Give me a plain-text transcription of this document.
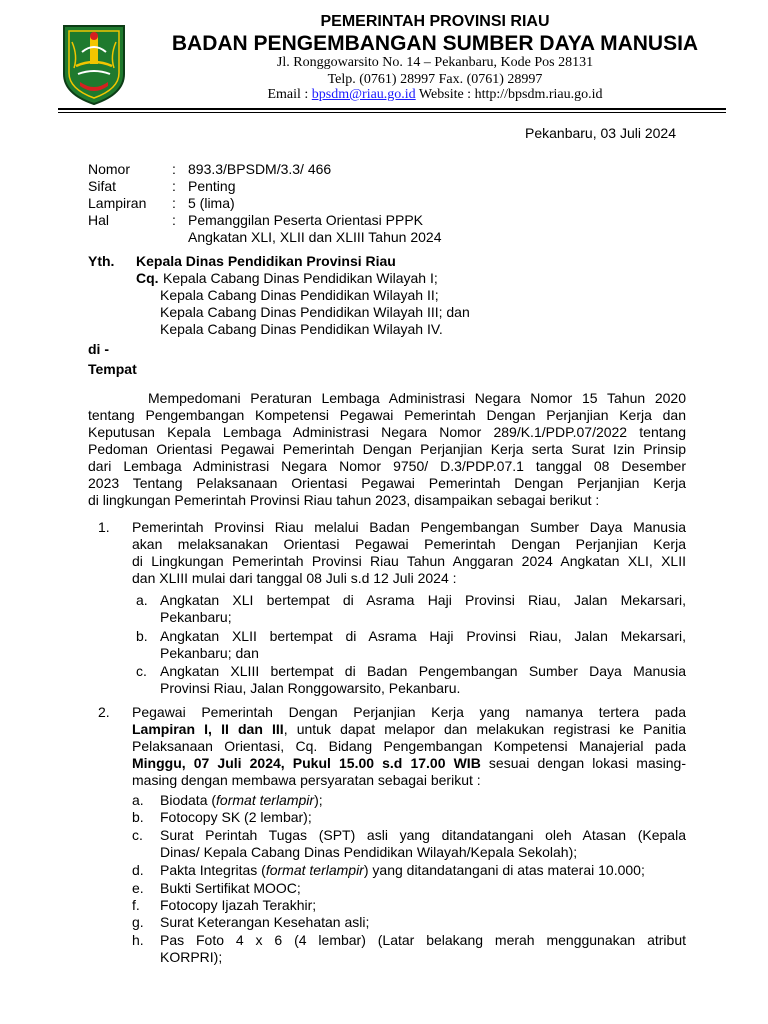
PEMERINTAH PROVINSI RIAU
BADAN PENGEMBANGAN SUMBER DAYA MANUSIA
Jl. Ronggowarsito No. 14 – Pekanbaru, Kode Pos 28131
Telp. (0761) 28997 Fax. (0761) 28997
Email : bpsdm@riau.go.id Website : http://bpsdm.riau.go.id
Pekanbaru, 03 Juli 2024
Nomor	: 893.3/BPSDM/3.3/ 466
Sifat	: Penting
Lampiran : 5 (lima)
Hal	: Pemanggilan Peserta Orientasi PPPK
Angkatan XLI, XLII dan XLIII Tahun 2024
Yth. Kepala Dinas Pendidikan Provinsi Riau
Cq. Kepala Cabang Dinas Pendidikan Wilayah I;
Kepala Cabang Dinas Pendidikan Wilayah II;
Kepala Cabang Dinas Pendidikan Wilayah III; dan
Kepala Cabang Dinas Pendidikan Wilayah IV.
di -
Tempat
Mempedomani Peraturan Lembaga Administrasi Negara Nomor 15 Tahun 2020
tentang Pengembangan Kompetensi Pegawai Pemerintah Dengan Perjanjian Kerja dan
Keputusan Kepala Lembaga Administrasi Negara Nomor 289/K.1/PDP.07/2022 tentang
Pedoman Orientasi Pegawai Pemerintah Dengan Perjanjian Kerja serta Surat Izin Prinsip
dari Lembaga Administrasi Negara Nomor 9750/ D.3/PDP.07.1 tanggal 08 Desember
2023 Tentang Pelaksanaan Orientasi Pegawai Pemerintah Dengan Perjanjian Kerja
di lingkungan Pemerintah Provinsi Riau tahun 2023, disampaikan sebagai berikut :
1. Pemerintah Provinsi Riau melalui Badan Pengembangan Sumber Daya Manusia
akan melaksanakan Orientasi Pegawai Pemerintah Dengan Perjanjian Kerja
di Lingkungan Pemerintah Provinsi Riau Tahun Anggaran 2024 Angkatan XLI, XLII
dan XLIII mulai dari tanggal 08 Juli s.d 12 Juli 2024 :
a. Angkatan XLI bertempat di Asrama Haji Provinsi Riau, Jalan Mekarsari,
Pekanbaru;
b. Angkatan XLII bertempat di Asrama Haji Provinsi Riau, Jalan Mekarsari,
Pekanbaru; dan
c. Angkatan XLIII bertempat di Badan Pengembangan Sumber Daya Manusia
Provinsi Riau, Jalan Ronggowarsito, Pekanbaru.
2. Pegawai Pemerintah Dengan Perjanjian Kerja yang namanya tertera pada
Lampiran I, II dan III, untuk dapat melapor dan melakukan registrasi ke Panitia
Pelaksanaan Orientasi, Cq. Bidang Pengembangan Kompetensi Manajerial pada
Minggu, 07 Juli 2024, Pukul 15.00 s.d 17.00 WIB sesuai dengan lokasi masing-
masing dengan membawa persyaratan sebagai berikut :
a. Biodata (format terlampir);
b. Fotocopy SK (2 lembar);
c. Surat Perintah Tugas (SPT) asli yang ditandatangani oleh Atasan (Kepala
Dinas/ Kepala Cabang Dinas Pendidikan Wilayah/Kepala Sekolah);
d. Pakta Integritas (format terlampir) yang ditandatangani di atas materai 10.000;
e. Bukti Sertifikat MOOC;
f. Fotocopy Ijazah Terakhir;
g. Surat Keterangan Kesehatan asli;
h. Pas Foto 4 x 6 (4 lembar) (Latar belakang merah menggunakan atribut
KORPRI);
